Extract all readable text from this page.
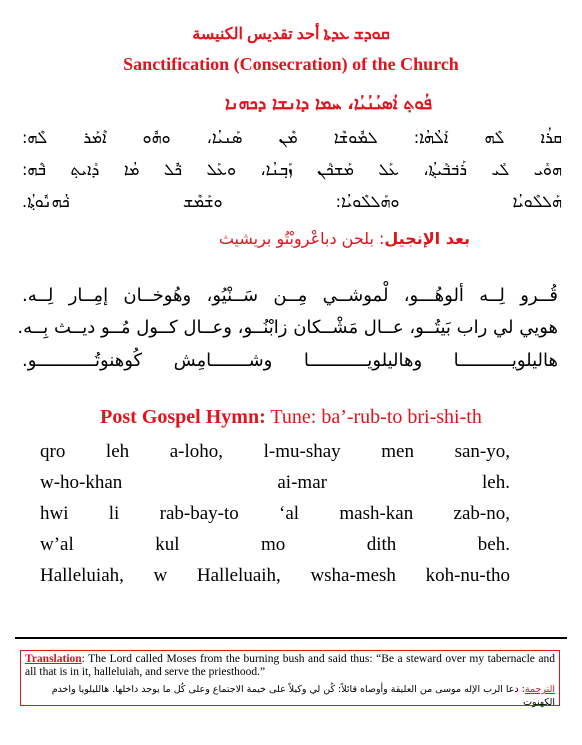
ܩܘܕܫ ܥܕܬܐ أحد تقديس الكنيسة
Sanctification (Consecration) of the Church
ܦܳܘܬ݂ ܐܳܣܝܳܢܳܝܳܐ، ܚܡܐ ܕܐܢܫܐ ܕܟܗܢܐ
ܩܪܳܐ ܠܶܗ ܐܰܠܳܗܳܐ: ܠܡܽܘܫܶܐ ܡܶܢ ܣܰܢܝܳܐ، ܘܗܽܘ ܐܶܡܰܪ ܠܶܗ:
ܗܘܺܝ ܠܺܝ ܪܰܒ݁ܒ݁ܰܝܬ݂ܳܐ، ܥܰܠ ܡܰܫܟ݁ܰܢ ܙܰܒ݂ܢܳܐ، ܘܥܰܠ ܟ݁ܽܠ ܡܳܐ ܕܺܐܝܬ݂ ܒ݁ܶܗ:
ܗܰܠܠܶܘܝܳܐ ܘܗܰܠܠܶܘܝܳܐ: ܘܫܰܡܶܫ ܟ݁ܳܗܢܽܘܬ݂ܳܐ.
بعد الإنجيل: بلحن دباعْروبْتُو بريشيث
قُــرو لِــه ألوهُـــو، لْموشــي مِــن سَــنْيُو، وهُوخــان إمِــار لِــه.
هويي لي راب بَيتُــو، عــال مَشْــكان زابْنُــو، وعــال كــول مُــو ديــث بِــه.
هاليلويــــــــــا وهاليلويـــــــــــا وشـــــــامِش كُوهنوتُـــــــــــو.
Post Gospel Hymn: Tune: ba’-rub-to bri-shi-th
qro leh a-loho, l-mu-shay men san-yo,
w-ho-khan	ai-mar	leh.
hwi li rab-bay-to ‘al mash-kan zab-no,
w’al	kul	mo	dith	beh.
Halleluiah, w Halleluaih, wsha-mesh koh-nu-tho
Translation: The Lord called Moses from the burning bush and said thus: “Be a steward over my tabernacle and all that is in it, halleluiah, and serve the priesthood.”
الترجمة: دعا الرب الإله موسى من العليقة وأوصاه قائلاً: كُن لي وكيلاً على خيمة الاجتماع وعلى كُل ما يوجد داخلها. هالليلويا واخدم الكهنوت
